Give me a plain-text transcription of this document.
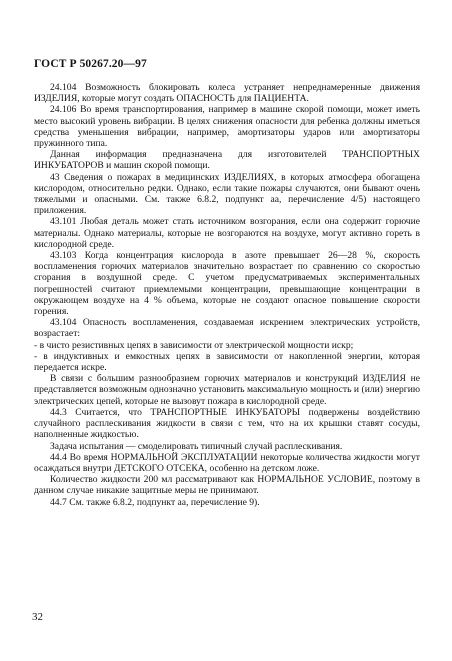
ГОСТ Р 50267.20—97

24.104 Возможность блокировать колеса устраняет непреднамеренные движения ИЗДЕЛИЯ, которые могут создать ОПАСНОСТЬ для ПАЦИЕНТА.

24.106 Во время транспортирования, например в машине скорой помощи, может иметь место высокий уровень вибрации. В целях снижения опасности для ребенка должны иметься средства уменьшения вибрации, например, амортизаторы ударов или амортизаторы пружинного типа.

Данная информация предназначена для изготовителей ТРАНСПОРТНЫХ ИНКУБАТОРОВ и машин скорой помощи.

43 Сведения о пожарах в медицинских ИЗДЕЛИЯХ, в которых атмосфера обогащена кислородом, относительно редки. Однако, если такие пожары случаются, они бывают очень тяжелыми и опасными. См. также 6.8.2, подпункт аа, перечисление 4/5) настоящего приложения.

43.101 Любая деталь может стать источником возгорания, если она содержит горючие материалы. Однако материалы, которые не возгораются на воздухе, могут активно гореть в кислородной среде.

43.103 Когда концентрация кислорода в азоте превышает 26—28 %, скорость воспламенения горючих материалов значительно возрастает по сравнению со скоростью сгорания в воздушной среде. С учетом предусматриваемых экспериментальных погрешностей считают приемлемыми концентрации, превышающие концентрации в окружающем воздухе на 4 % объема, которые не создают опасное повышение скорости горения.

43.104 Опасность воспламенения, создаваемая искрением электрических устройств, возрастает:

- в чисто резистивных цепях в зависимости от электрической мощности искр;

- в индуктивных и емкостных цепях в зависимости от накопленной энергии, которая передается искре.

В связи с большим разнообразием горючих материалов и конструкций ИЗДЕЛИЯ не представляется возможным однозначно установить максимальную мощность и (или) энергию электрических цепей, которые не вызовут пожара в кислородной среде.

44.3 Считается, что ТРАНСПОРТНЫЕ ИНКУБАТОРЫ подвержены воздействию случайного расплескивания жидкости в связи с тем, что на их крышки ставят сосуды, наполненные жидкостью.

Задача испытания — смоделировать типичный случай расплескивания.

44.4 Во время НОРМАЛЬНОЙ ЭКСПЛУАТАЦИИ некоторые количества жидкости могут осаждаться внутри ДЕТСКОГО ОТСЕКА, особенно на детском ложе.

Количество жидкости 200 мл рассматривают как НОРМАЛЬНОЕ УСЛОВИЕ, поэтому в данном случае никакие защитные меры не принимают.

44.7 См. также 6.8.2, подпункт аа, перечисление 9).

32
